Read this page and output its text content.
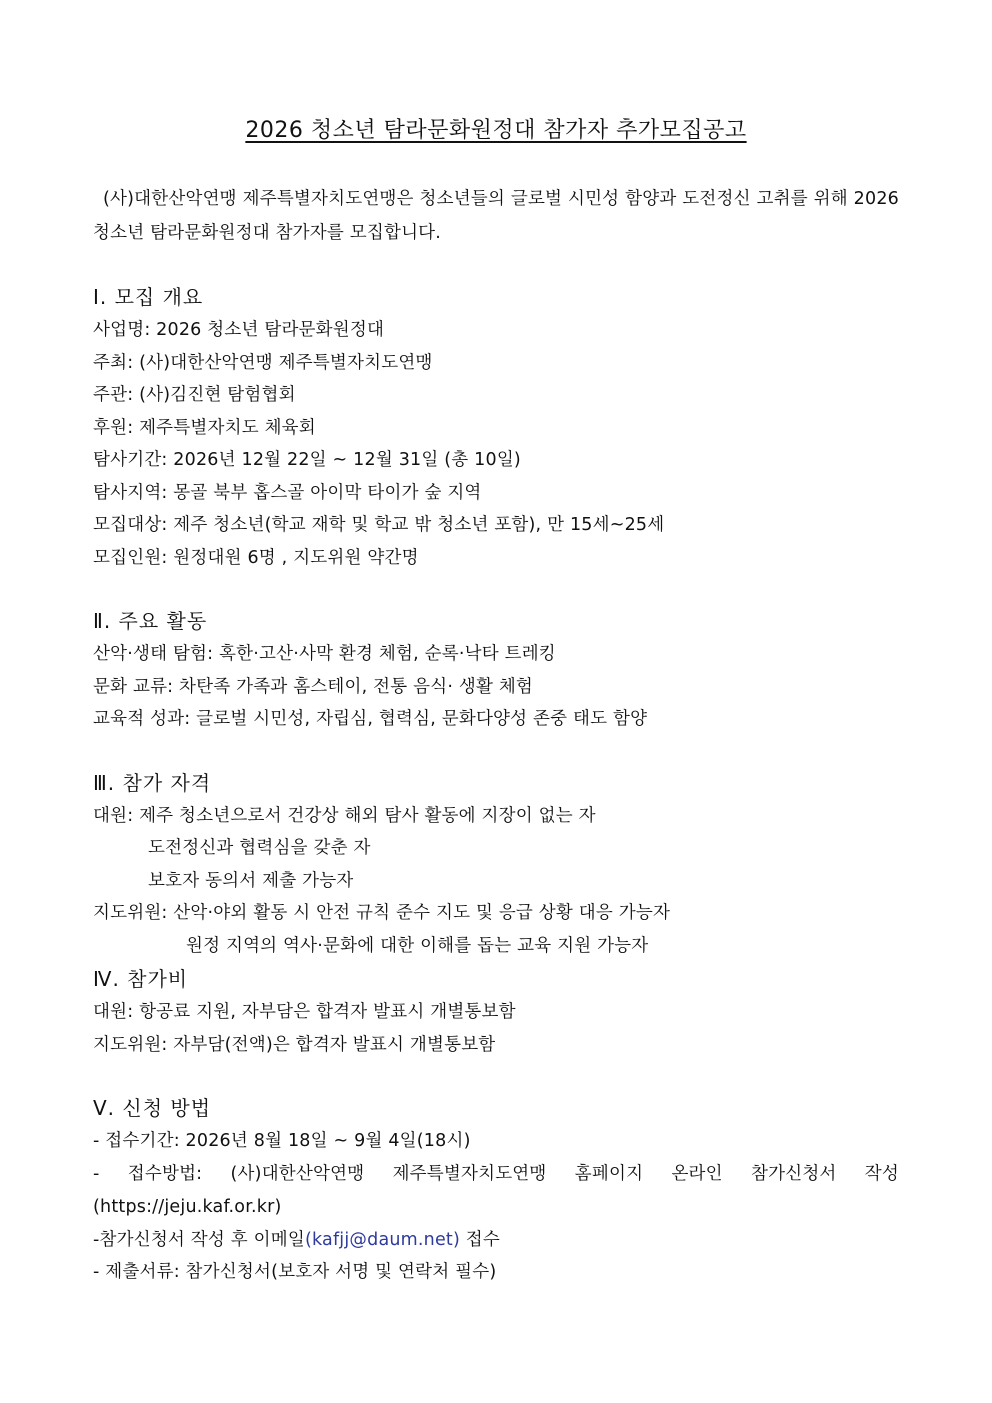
2026 청소년 탐라문화원정대 참가자 추가모집공고

(사)대한산악연맹 제주특별자치도연맹은 청소년들의 글로벌 시민성 함양과 도전정신 고취를 위해 2026 청소년 탐라문화원정대 참가자를 모집합니다.

Ⅰ. 모집 개요
사업명: 2026 청소년 탐라문화원정대
주최: (사)대한산악연맹 제주특별자치도연맹
주관: (사)김진현 탐험협회
후원: 제주특별자치도 체육회
탐사기간: 2026년 12월 22일 ~ 12월 31일 (총 10일)
탐사지역: 몽골 북부 홉스골 아이막 타이가 숲 지역
모집대상: 제주 청소년(학교 재학 및 학교 밖 청소년 포함), 만 15세~25세
모집인원: 원정대원 6명 , 지도위원 약간명
Ⅱ. 주요 활동
산악·생태 탐험: 혹한·고산·사막 환경 체험, 순록·낙타 트레킹
문화 교류: 차탄족 가족과 홈스테이, 전통 음식· 생활 체험
교육적 성과: 글로벌 시민성, 자립심, 협력심, 문화다양성 존중 태도 함양
Ⅲ. 참가 자격
대원: 제주 청소년으로서 건강상 해외 탐사 활동에 지장이 없는 자
도전정신과 협력심을 갖춘 자
보호자 동의서 제출 가능자
지도위원: 산악·야외 활동 시 안전 규칙 준수 지도 및 응급 상황 대응 가능자
원정 지역의 역사·문화에 대한 이해를 돕는 교육 지원 가능자
Ⅳ. 참가비
대원: 항공료 지원, 자부담은 합격자 발표시 개별통보함
지도위원: 자부담(전액)은 합격자 발표시 개별통보함
Ⅴ. 신청 방법
- 접수기간: 2026년 8월 18일 ~ 9월 4일(18시)
- 접수방법: (사)대한산악연맹 제주특별자치도연맹 홈페이지 온라인 참가신청서 작성 (https://jeju.kaf.or.kr)
-참가신청서 작성 후 이메일(kafjj@daum.net) 접수
- 제출서류: 참가신청서(보호자 서명 및 연락처 필수)
